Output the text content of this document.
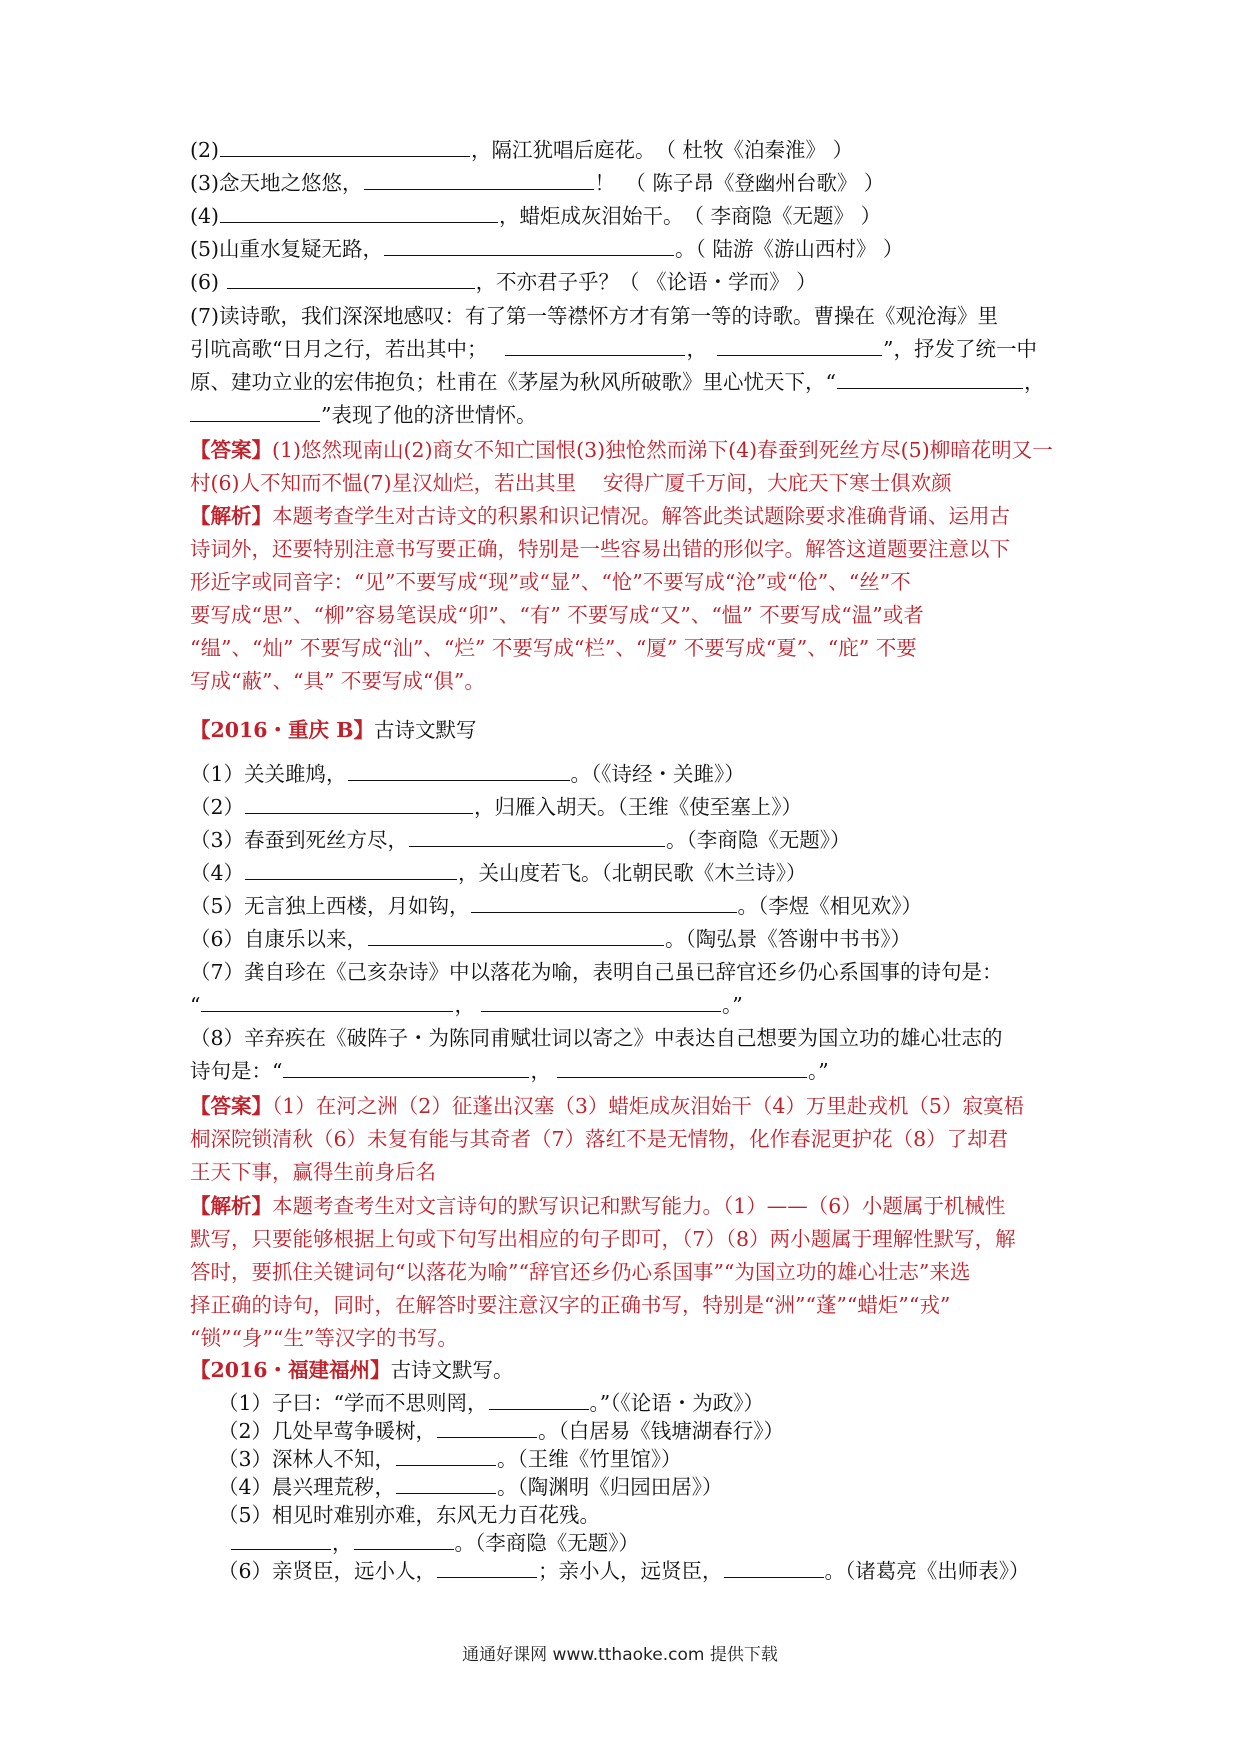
(2)	，隔江犹唱后庭花。　（ 杜牧《泊秦淮》 ）
(3)念天地之悠悠，	！　（ 陈子昂《登幽州台歌》 ）
(4)	，蜡炬成灰泪始干。　（ 李商隐《无题》 ）
(5)山重水复疑无路，	。（ 陆游《游山西村》 ）
(6)	，不亦君子乎？（ 《论语・学而》 ）
(7)读诗歌，我们深深地感叹：有了第一等襟怀方才有第一等的诗歌。曹操在《观沧海》里
引吭高歌“日月之行，若出其中；	，	”，抒发了统一中
原、建功立业的宏伟抱负；杜甫在《茅屋为秋风所破歌》里心忧天下，“	，
”表现了他的济世情怀。
【答案】(1)悠然现南山(2)商女不知亡国恨(3)独怆然而涕下(4)春蚕到死丝方尽(5)柳暗花明又一
村(6)人不知而不愠(7)星汉灿烂，若出其里　 安得广厦千万间，大庇天下寒士俱欢颜
【解析】本题考查学生对古诗文的积累和识记情况。解答此类试题除要求准确背诵、运用古
诗词外，还要特别注意书写要正确，特别是一些容易出错的形似字。解答这道题要注意以下
形近字或同音字：“见”不要写成“现”或“显”、“怆”不要写成“沧”或“伧”、“丝”不
要写成“思”、“柳”容易笔误成“卯”、“有” 不要写成“又”、“愠” 不要写成“温”或者
“缊”、“灿” 不要写成“汕”、“烂” 不要写成“栏”、“厦” 不要写成“夏”、“庇” 不要
写成“蔽”、“具” 不要写成“俱”。
【2016・重庆 B】古诗文默写
（1）关关雎鸠，	。（《诗经・关雎》）
（2）	，归雁入胡天。（王维《使至塞上》）
（3）春蚕到死丝方尽，	。（李商隐《无题》）
（4）	，关山度若飞。（北朝民歌《木兰诗》）
（5）无言独上西楼，月如钩，	。（李煜《相见欢》）
（6）自康乐以来，	。（陶弘景《答谢中书书》）
（7）龚自珍在《己亥杂诗》中以落花为喻，表明自己虽已辞官还乡仍心系国事的诗句是：
“	，	。”
（8）辛弃疾在《破阵子・为陈同甫赋壮词以寄之》中表达自己想要为国立功的雄心壮志的
诗句是：“	，	。”
【答案】（1）在河之洲（2）征蓬出汉塞（3）蜡炬成灰泪始干（4）万里赴戎机（5）寂寞梧
桐深院锁清秋（6）未复有能与其奇者（7）落红不是无情物，化作春泥更护花（8）了却君
王天下事，赢得生前身后名
【解析】本题考查考生对文言诗句的默写识记和默写能力。（1）——（6）小题属于机械性
默写，只要能够根据上句或下句写出相应的句子即可，（7）（8）两小题属于理解性默写，解
答时，要抓住关键词句“以落花为喻”“辞官还乡仍心系国事”“为国立功的雄心壮志”来选
择正确的诗句，同时，在解答时要注意汉字的正确书写，特别是“洲”“蓬”“蜡炬”“戎”
“锁”“身”“生”等汉字的书写。
【2016・福建福州】古诗文默写。
（1）子曰：“学而不思则罔，	。”（《论语・为政》）
（2）几处早莺争暖树，	。（白居易《钱塘湖春行》）
（3）深林人不知，	。（王维《竹里馆》）
（4）晨兴理荒秽，	。（陶渊明《归园田居》）
（5）相见时难别亦难，东风无力百花残。
，	。（李商隐《无题》）
（6）亲贤臣，远小人，	；亲小人，远贤臣，	。（诸葛亮《出师表》）
通通好课网 www.tthaoke.com 提供下载
